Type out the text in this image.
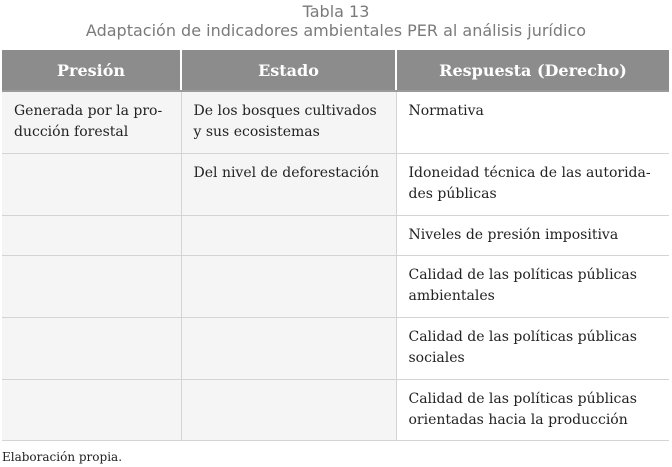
Tabla 13
Adaptación de indicadores ambientales PER al análisis jurídico
Presión	Estado	Respuesta (Derecho)
Generada por la pro-ducción forestal	De los bosques cultivados y sus ecosistemas	Normativa
	Del nivel de deforestación	Idoneidad técnica de las autorida-des públicas
		Niveles de presión impositiva
		Calidad de las políticas públicas ambientales
		Calidad de las políticas públicas sociales
		Calidad de las políticas públicas orientadas hacia la producción
Elaboración propia.
